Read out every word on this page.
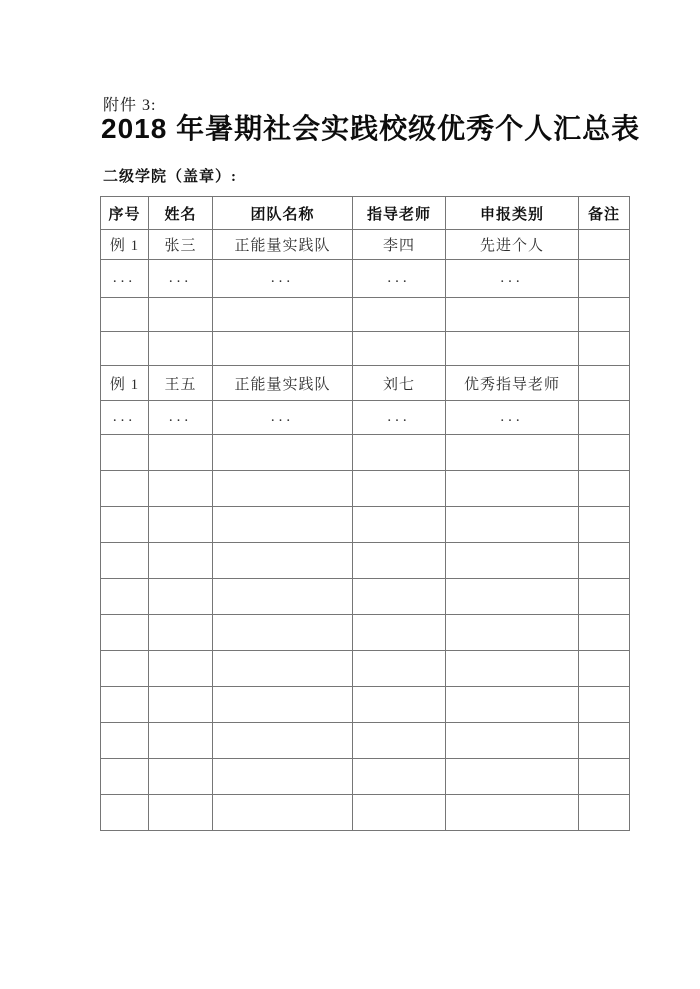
附件 3:
2018 年暑期社会实践校级优秀个人汇总表
二级学院（盖章）:
序号	姓名	团队名称	指导老师	申报类别	备注
例 1	张三	正能量实践队	李四	先进个人	
...	...	...	...	...	

例 1	王五	正能量实践队	刘七	优秀指导老师	
...	...	...	...	...	
